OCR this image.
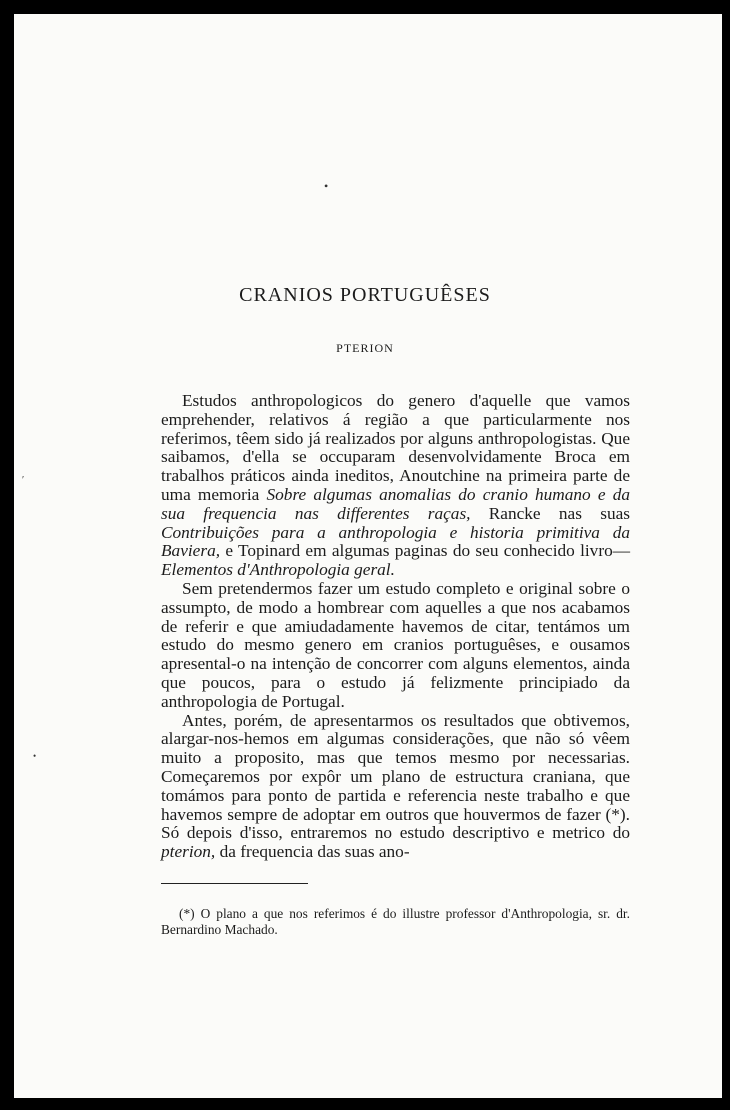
•
′
•
CRANIOS PORTUGUÊSES
PTERION

Estudos anthropologicos do genero d'aquelle que vamos emprehender, relativos á região a que particularmente nos referimos, têem sido já realizados por alguns anthropologistas. Que saibamos, d'ella se occuparam desenvolvidamente Broca em trabalhos práticos ainda ineditos, Anoutchine na primeira parte de uma memoria Sobre algumas anomalias do cranio humano e da sua frequencia nas differentes raças, Rancke nas suas Contribuições para a anthropologia e historia primitiva da Baviera, e Topinard em algumas paginas do seu conhecido livro—Elementos d'Anthropologia geral.

Sem pretendermos fazer um estudo completo e original sobre o assumpto, de modo a hombrear com aquelles a que nos acabamos de referir e que amiudadamente havemos de citar, tentámos um estudo do mesmo genero em cranios portuguêses, e ousamos apresental-o na intenção de concorrer com alguns elementos, ainda que poucos, para o estudo já felizmente principiado da anthropologia de Portugal.

Antes, porém, de apresentarmos os resultados que obtivemos, alargar-nos-hemos em algumas considerações, que não só vêem muito a proposito, mas que temos mesmo por necessarias. Começaremos por expôr um plano de estructura craniana, que tomámos para ponto de partida e referencia neste trabalho e que havemos sempre de adoptar em outros que houvermos de fazer (*). Só depois d'isso, entraremos no estudo descriptivo e metrico do pterion, da frequencia das suas ano-

(*) O plano a que nos referimos é do illustre professor d'Anthropologia, sr. dr. Bernardino Machado.
